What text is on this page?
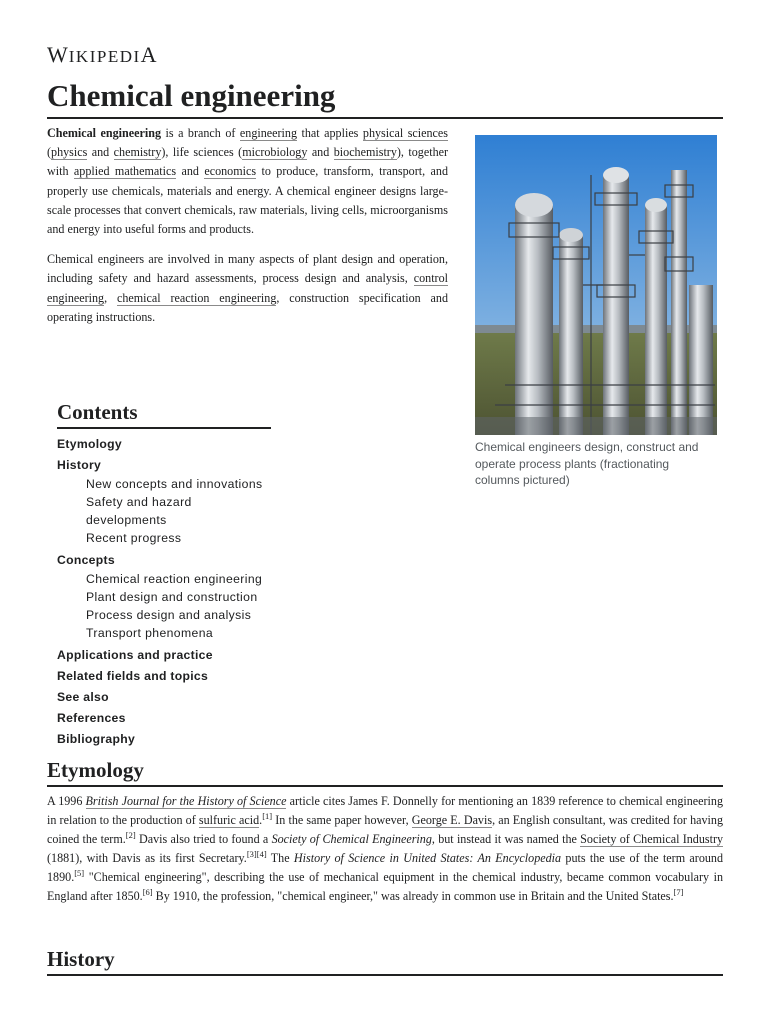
WIKIPEDIA
Chemical engineering

Chemical engineering is a branch of engineering that applies physical sciences (physics and chemistry), life sciences (microbiology and biochemistry), together with applied mathematics and economics to produce, transform, transport, and properly use chemicals, materials and energy. A chemical engineer designs large-scale processes that convert chemicals, raw materials, living cells, microorganisms and energy into useful forms and products.

Chemical engineers are involved in many aspects of plant design and operation, including safety and hazard assessments, process design and analysis, control engineering, chemical reaction engineering, construction specification and operating instructions.

Chemical engineers design, construct and operate process plants (fractionating columns pictured)
Contents
Etymology
History
New concepts and innovations
Safety and hazard developments
Recent progress
Concepts
Chemical reaction engineering
Plant design and construction
Process design and analysis
Transport phenomena
Applications and practice
Related fields and topics
See also
References
Bibliography
Etymology

A 1996 British Journal for the History of Science article cites James F. Donnelly for mentioning an 1839 reference to chemical engineering in relation to the production of sulfuric acid.[1] In the same paper however, George E. Davis, an English consultant, was credited for having coined the term.[2] Davis also tried to found a Society of Chemical Engineering, but instead it was named the Society of Chemical Industry (1881), with Davis as its first Secretary.[3][4] The History of Science in United States: An Encyclopedia puts the use of the term around 1890.[5] "Chemical engineering", describing the use of mechanical equipment in the chemical industry, became common vocabulary in England after 1850.[6] By 1910, the profession, "chemical engineer," was already in common use in Britain and the United States.[7]

History
